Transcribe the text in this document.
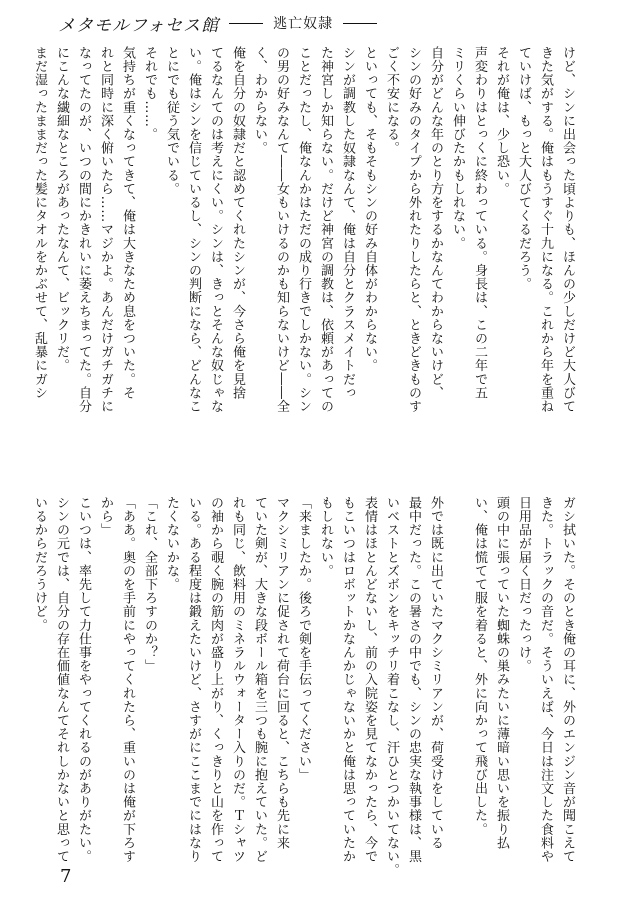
メタモルフォセス館	逃亡奴隷

けど、シンに出会った頃よりも、ほんの少しだけど大人びて

きた気がする。俺はもうすぐ十九になる。これから年を重ね

ていけば、もっと大人びてくるだろう。

それが俺は、少し恐い。

声変わりはとっくに終わっている。身長は、この二年で五

ミリくらい伸びたかもしれない。

自分がどんな年のとり方をするかなんてわからないけど、

シンの好みのタイプから外れたりしたらと、ときどきものす

ごく不安になる。

といっても、そもそもシンの好み自体がわからない。

シンが調教した奴隷なんて、俺は自分とクラスメイトだっ

た神宮しか知らない。だけど神宮の調教は、依頼があっての

ことだったし、俺なんかはただの成り行きでしかない。シン

の男の好みなんて――女もいけるのかも知らないけど――全

く、わからない。

俺を自分の奴隷だと認めてくれたシンが、今さら俺を見捨

てるなんてのは考えにくい。シンは、きっとそんな奴じゃな

い。俺はシンを信じているし、シンの判断になら、どんなこ

とにでも従う気でいる。

それでも……。

気持ちが重くなってきて、俺は大きなため息をついた。そ

れと同時に深く俯いたら……マジかよ。あんだけガチガチに

なってたのが、いつの間にかきれいに萎えちまってた。自分

にこんな繊細なところがあったなんて、ビックリだ。

まだ湿ったままだった髪にタオルをかぶせて、乱暴にガシ

ガシ拭いた。そのとき俺の耳に、外のエンジン音が聞こえて

きた。トラックの音だ。そういえば、今日は注文した食料や

日用品が届く日だったっけ。

頭の中に張っていた蜘蛛の巣みたいに薄暗い思いを振り払

い、俺は慌てて服を着ると、外に向かって飛び出した。

外では既に出ていたマクシミリアンが、荷受けをしている

最中だった。この暑さの中でも、シンの忠実な執事様は、黒

いベストとズボンをキッチリ着こなし、汗ひとつかいてない。

表情はほとんどないし、前の入院姿を見てなかったら、今で

もこいつはロボットかなんかじゃないかと俺は思っていたか

もしれない。

「来ましたか。後ろで剣を手伝ってください」

マクシミリアンに促されて荷台に回ると、こちらも先に来

ていた剣が、大きな段ボール箱を三つも腕に抱えていた。ど

れも同じ、飲料用のミネラルウォーター入りのだ。Ｔシャツ

の袖から覗く腕の筋肉が盛り上がり、くっきりと山を作って

いる。ある程度は鍛えたいけど、さすがにここまでにはなり

たくないかな。

「これ、全部下ろすのか？」

「ああ。奥のを手前にやってくれたら、重いのは俺が下ろす

から」

こいつは、率先して力仕事をやってくれるのがありがたい。

シンの元では、自分の存在価値なんてそれしかないと思って

いるからだろうけど。

7
